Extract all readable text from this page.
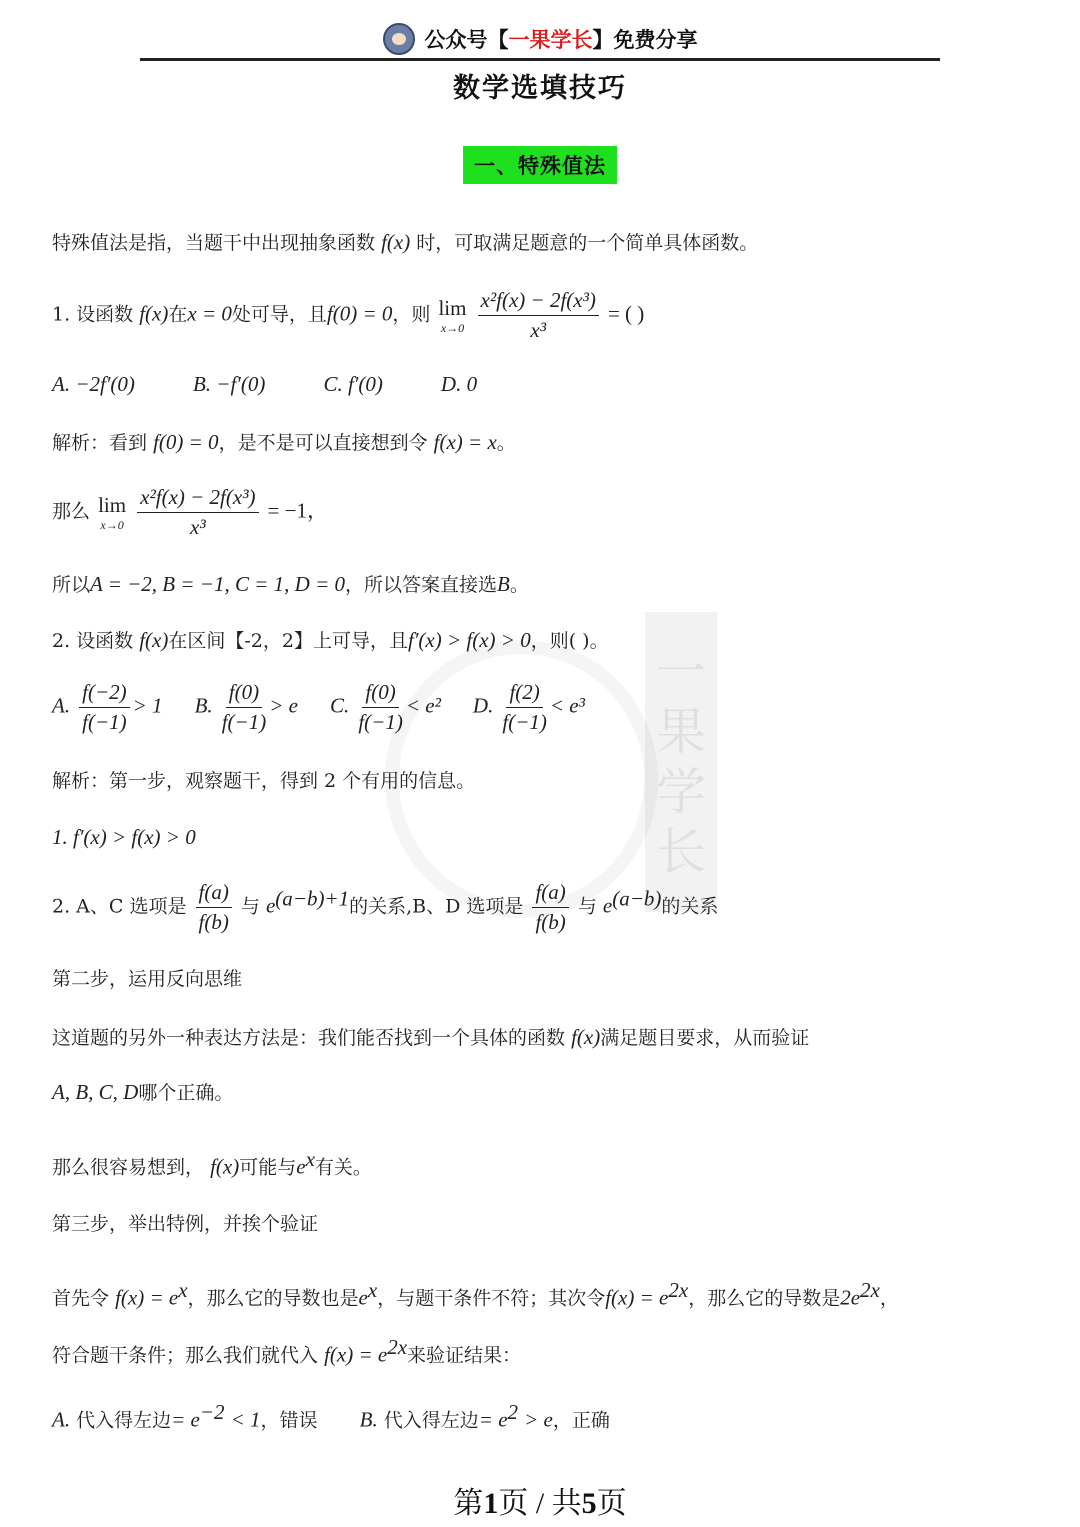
公众号【一果学长】免费分享
数学选填技巧
一、特殊值法
一
果
学
长
特殊值法是指，当题干中出现抽象函数 f(x) 时，可取满足题意的一个简单具体函数。
1. 设函数 f(x)在x = 0处可导，且f(0) = 0，则 lim
x→0
$\frac{\text{x²f(x) − 2f(x³)}}{\text{x³}}$ = ( )
A. −2f′(0)	B. −f′(0)	C. f′(0)	D. 0
解析：看到 f(0) = 0，是不是可以直接想到令 f(x) = x。
那么 lim
x→0
$\frac{\text{x²f(x) − 2f(x³)}}{\text{x³}} = -1$，
所以A = −2, B = −1, C = 1, D = 0，所以答案直接选B。
2. 设函数 f(x)在区间【-2，2】上可导，且f′(x) > f(x) > 0，则( )。
A. $\frac{f(-2)}{f(-1)} > 1$ B. $\frac{f(0)}{f(-1)} > e$ C. $\frac{f(0)}{f(-1)} < e^2$ D. $\frac{f(2)}{f(-1)} < e^3$
解析：第一步，观察题干，得到 2 个有用的信息。
1. f′(x) > f(x) > 0
2. A、C 选项是 $\frac{f(a)}{f(b)}$ 与 $e^{(a-b)+1}$的关系,B、D 选项是 $\frac{f(a)}{f(b)}$ 与 $e^{(a-b)}$的关系
第二步，运用反向思维
这道题的另外一种表达方法是：我们能否找到一个具体的函数 f(x)满足题目要求，从而验证
A, B, C, D哪个正确。
那么很容易想到， f(x)可能与$e^x$有关。
第三步，举出特例，并挨个验证
首先令 $f(x) = e^x$，那么它的导数也是$e^x$，与题干条件不符；其次令$f(x) = e^{2x}$，那么它的导数是$2e^{2x}$，
符合题干条件；那么我们就代入 $f(x) = e^{2x}$来验证结果：
A. 代入得左边= $e^{-2} < 1$，错误 B. 代入得左边= $e^2 > e$，正确
第1页 / 共5页
